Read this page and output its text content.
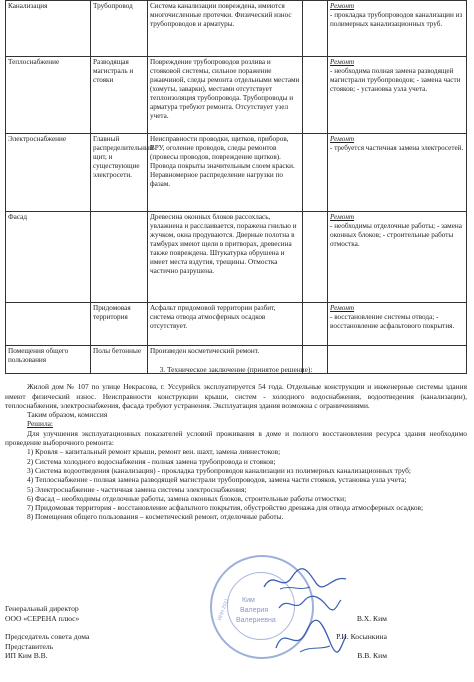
Канализация	Трубопровод	Система канализации повреждена, имеются многочисленные протечки. Физический износ трубопроводов и арматуры.		Ремонт
- прокладка трубопроводов канализации из полимерных канализационных труб.
Теплоснабжение	Разводящая магистраль и стояки	Повреждение трубопроводов розлива и стояковой системы, сильное поражение ржавчиной, следы ремонта отдельными местами (хомуты, заварки), местами отсутствует теплоизоляция трубопровода. Трубопроводы и арматура требуют ремонта. Отсутствует узел учета.		Ремонт
- необходима полная замена разводящей магистрали трубопроводов; - замена части стояков; - установка узла учета.
Электроснабжение	Главный распределительный щит, и существующие электросети.	Неисправности проводки, щитков, приборов, ВРУ, оголение проводов, следы ремонтов (провесы проводов, повреждение щитков). Провода покрыты значительным слоем краски. Неравномерное распределение нагрузки по фазам.		Ремонт
- требуется частичная замена электросетей.
Фасад		Древесина оконных блоков рассохлась, увлажнена и расслаивается, поражена гнилью и жучком, окна продуваются. Дверные полотна в тамбурах имеют щели в притворах, древесина также повреждена. Штукатурка обрушена и имеет места вздутия, трещины. Отмостка частично разрушена.		Ремонт
- необходимы отделочные работы; - замена оконных блоков; - строительные работы отмостка.
	Придомовая территория	Асфальт придомовой территории разбит, система отвода атмосферных осадков отсутствует.		Ремонт
- восстановление системы отвода; - восстановление асфальтового покрытия.
Помещения общего пользования	Полы бетонные	Произведен косметический ремонт.		
3. Техническое заключение (принятое решение):
Жилой дом № 107 по улице Некрасова, г. Уссурийск эксплуатируется 54 года. Отдельные конструкции и инженерные системы здания имеют физический износ. Неисправности конструкции крыши, систем - холодного водоснабжения, водоотведения (канализации), теплоснабжения, электроснабжения, фасада требуют устранения. Эксплуатация здания возможна с ограничениями.
Таким образом, комиссия
Решила:
Для улучшения эксплуатационных показателей условий проживания в доме и полного восстановления ресурса здания необходимо проведение выборочного ремонта:
1) Кровля – капитальный ремонт крыши, ремонт вен. шахт, замена ливнестоков;
2) Система холодного водоснабжения - полная замена трубопровода и стояков;
3) Система водоотведения (канализация) - прокладка трубопроводов канализации из полимерных канализационных труб;
4) Теплоснабжение - полная замена разводящей магистрали трубопроводов, замена части стояков, установка узла учета;
5) Электроснабжение - частичная замена системы электроснабжения;
6) Фасад – необходимы отделочные работы, замена оконных блоков, строительные работы отмостки;
7) Придомовая территория - восстановление асфальтного покрытия, обустройство дренажа для отвода атмосферных осадков;
8) Помещения общего пользования – косметический ремонт, отделочные работы.
Ким
Валерия
Валериевна
ИНН 2511
Генеральный директор
ООО «СЕРЕНА плюс»	В.Х. Ким
Председатель совета дома	Р.И. Косынкина
Представитель
ИП Ким В.В.	В.В. Ким
